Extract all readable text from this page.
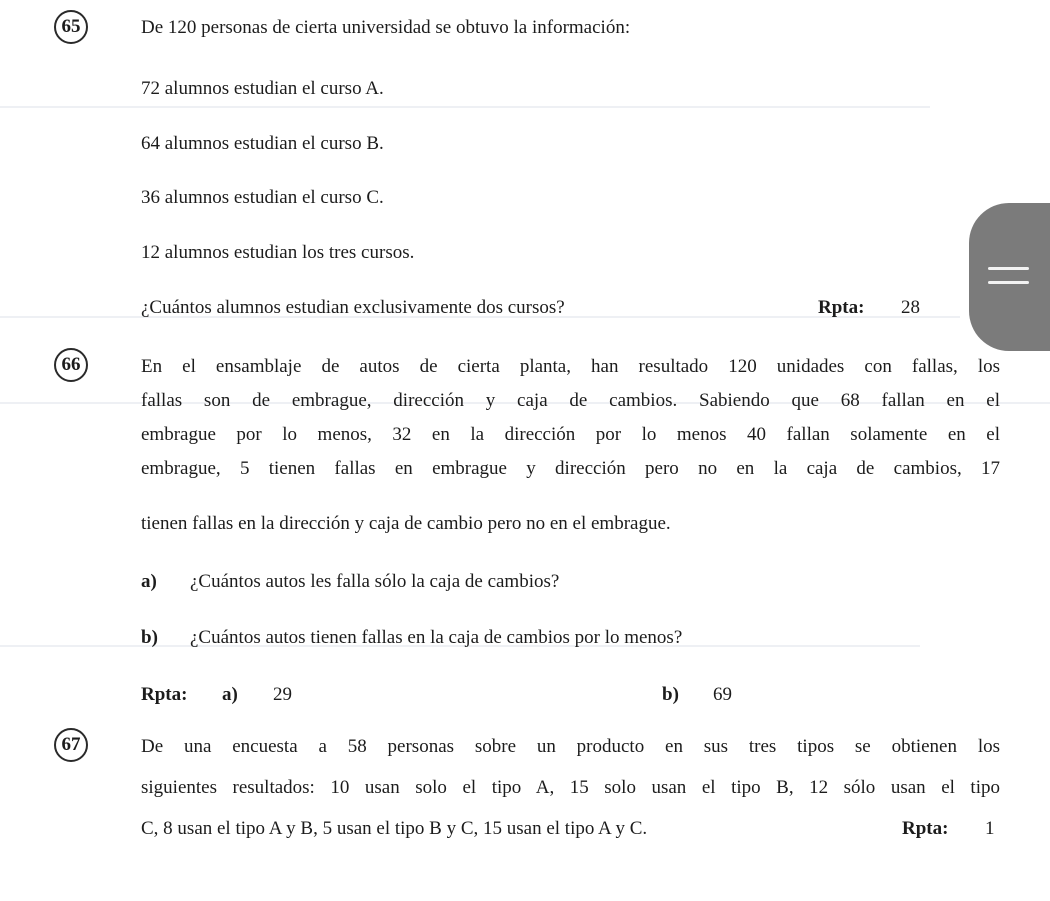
65	De 120 personas de cierta universidad se obtuvo la información:
72 alumnos estudian el curso A.
64 alumnos estudian el curso B.
36 alumnos estudian el curso C.
12 alumnos estudian los tres cursos.
¿Cuántos alumnos estudian exclusivamente dos cursos?	Rpta: 28
66	En el ensamblaje de autos de cierta planta, han resultado 120 unidades con fallas, los
fallas son de embrague, dirección y caja de cambios. Sabiendo que 68 fallan en el
embrague por lo menos, 32 en la dirección por lo menos 40 fallan solamente en el
embrague, 5 tienen fallas en embrague y dirección pero no en la caja de cambios, 17
tienen fallas en la dirección y caja de cambio pero no en el embrague.
a) ¿Cuántos autos les falla sólo la caja de cambios?
b) ¿Cuántos autos tienen fallas en la caja de cambios por lo menos?
Rpta: a) 29	b) 69
67	De una encuesta a 58 personas sobre un producto en sus tres tipos se obtienen los
siguientes resultados: 10 usan solo el tipo A, 15 solo usan el tipo B, 12 sólo usan el tipo
C, 8 usan el tipo A y B, 5 usan el tipo B y C, 15 usan el tipo A y C.	Rpta: 1
